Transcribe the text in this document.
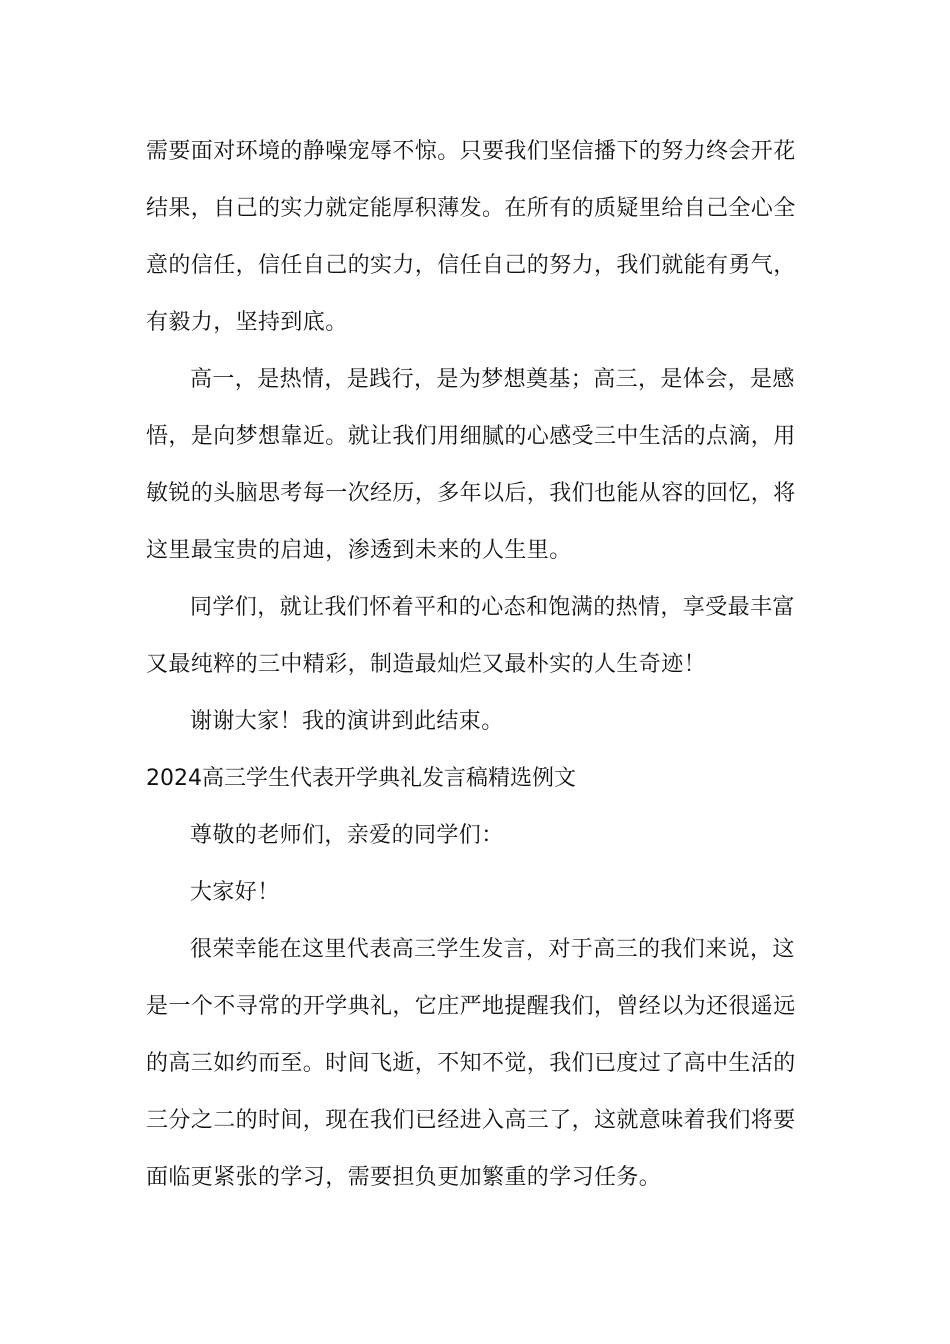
需要面对环境的静噪宠辱不惊。只要我们坚信播下的努力终会开花
结果，自己的实力就定能厚积薄发。在所有的质疑里给自己全心全
意的信任，信任自己的实力，信任自己的努力，我们就能有勇气，
有毅力，坚持到底。
高一，是热情，是践行，是为梦想奠基；高三，是体会，是感
悟，是向梦想靠近。就让我们用细腻的心感受三中生活的点滴，用
敏锐的头脑思考每一次经历，多年以后，我们也能从容的回忆，将
这里最宝贵的启迪，渗透到未来的人生里。
同学们，就让我们怀着平和的心态和饱满的热情，享受最丰富
又最纯粹的三中精彩，制造最灿烂又最朴实的人生奇迹！
谢谢大家！我的演讲到此结束。
2024高三学生代表开学典礼发言稿精选例文
尊敬的老师们，亲爱的同学们：
大家好！
很荣幸能在这里代表高三学生发言，对于高三的我们来说，这
是一个不寻常的开学典礼，它庄严地提醒我们，曾经以为还很遥远
的高三如约而至。时间飞逝，不知不觉，我们已度过了高中生活的
三分之二的时间，现在我们已经进入高三了，这就意味着我们将要
面临更紧张的学习，需要担负更加繁重的学习任务。
